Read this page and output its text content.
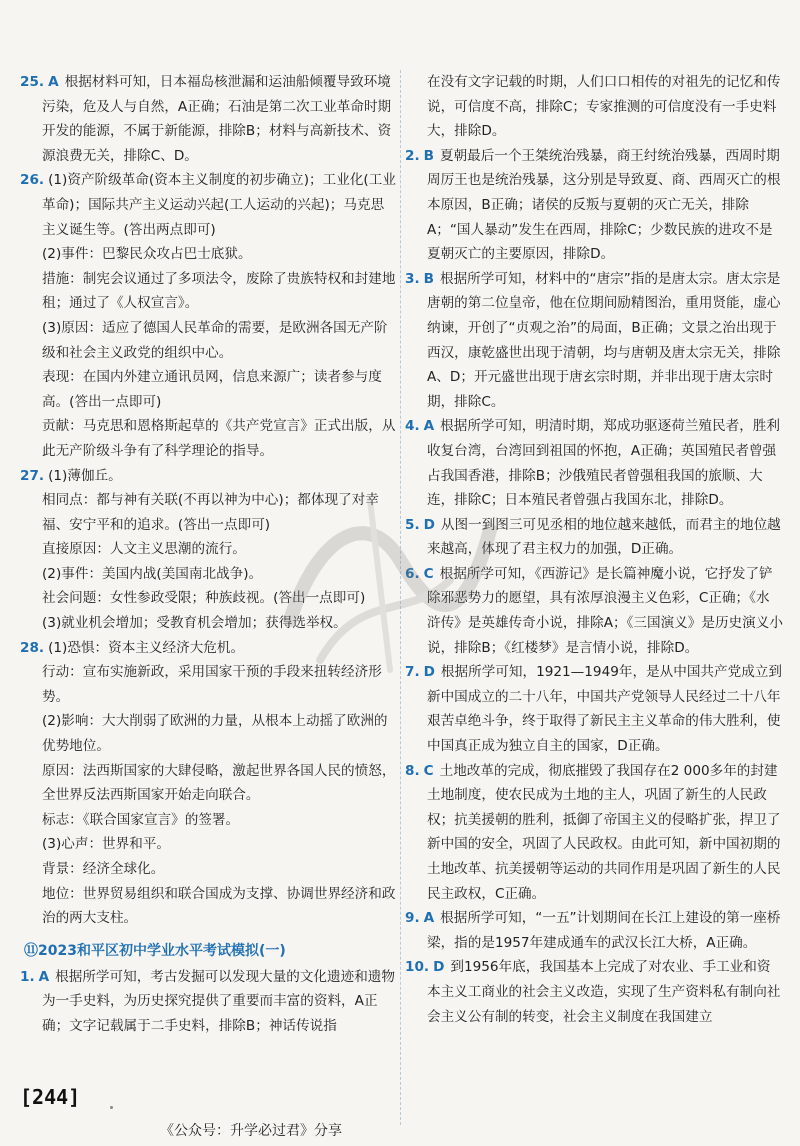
25. A 根据材料可知，日本福岛核泄漏和运油船倾覆导致环境污染，危及人与自然，A正确；石油是第二次工业革命时期开发的能源，不属于新能源，排除B；材料与高新技术、资源浪费无关，排除C、D。

26. (1)资产阶级革命(资本主义制度的初步确立)；工业化(工业革命)；国际共产主义运动兴起(工人运动的兴起)；马克思主义诞生等。(答出两点即可)

(2)事件：巴黎民众攻占巴士底狱。

措施：制宪会议通过了多项法令，废除了贵族特权和封建地租；通过了《人权宣言》。

(3)原因：适应了德国人民革命的需要，是欧洲各国无产阶级和社会主义政党的组织中心。

表现：在国内外建立通讯员网，信息来源广；读者参与度高。(答出一点即可)

贡献：马克思和恩格斯起草的《共产党宣言》正式出版，从此无产阶级斗争有了科学理论的指导。

27. (1)薄伽丘。

相同点：都与神有关联(不再以神为中心)；都体现了对幸福、安宁平和的追求。(答出一点即可)

直接原因：人文主义思潮的流行。

(2)事件：美国内战(美国南北战争)。

社会问题：女性参政受限；种族歧视。(答出一点即可)

(3)就业机会增加；受教育机会增加；获得选举权。

28. (1)恐惧：资本主义经济大危机。

行动：宣布实施新政，采用国家干预的手段来扭转经济形势。

(2)影响：大大削弱了欧洲的力量，从根本上动摇了欧洲的优势地位。

原因：法西斯国家的大肆侵略，激起世界各国人民的愤怒，全世界反法西斯国家开始走向联合。

标志：《联合国家宣言》的签署。

(3)心声：世界和平。

背景：经济全球化。

地位：世界贸易组织和联合国成为支撑、协调世界经济和政治的两大支柱。

⑪2023和平区初中学业水平考试模拟(一)

1. A 根据所学可知，考古发掘可以发现大量的文化遗迹和遗物为一手史料，为历史探究提供了重要而丰富的资料，A正确；文字记载属于二手史料，排除B；神话传说指

在没有文字记载的时期，人们口口相传的对祖先的记忆和传说，可信度不高，排除C；专家推测的可信度没有一手史料大，排除D。

2. B 夏朝最后一个王桀统治残暴，商王纣统治残暴，西周时期周厉王也是统治残暴，这分别是导致夏、商、西周灭亡的根本原因，B正确；诸侯的反叛与夏朝的灭亡无关，排除A；“国人暴动”发生在西周，排除C；少数民族的进攻不是夏朝灭亡的主要原因，排除D。

3. B 根据所学可知，材料中的“唐宗”指的是唐太宗。唐太宗是唐朝的第二位皇帝，他在位期间励精图治，重用贤能，虚心纳谏，开创了“贞观之治”的局面，B正确；文景之治出现于西汉，康乾盛世出现于清朝，均与唐朝及唐太宗无关，排除A、D；开元盛世出现于唐玄宗时期，并非出现于唐太宗时期，排除C。

4. A 根据所学可知，明清时期，郑成功驱逐荷兰殖民者，胜利收复台湾，台湾回到祖国的怀抱，A正确；英国殖民者曾强占我国香港，排除B；沙俄殖民者曾强租我国的旅顺、大连，排除C；日本殖民者曾强占我国东北，排除D。

5. D 从图一到图三可见丞相的地位越来越低，而君主的地位越来越高，体现了君主权力的加强，D正确。

6. C 根据所学可知，《西游记》是长篇神魔小说，它抒发了铲除邪恶势力的愿望，具有浓厚浪漫主义色彩，C正确；《水浒传》是英雄传奇小说，排除A；《三国演义》是历史演义小说，排除B；《红楼梦》是言情小说，排除D。

7. D 根据所学可知，1921—1949年，是从中国共产党成立到新中国成立的二十八年，中国共产党领导人民经过二十八年艰苦卓绝斗争，终于取得了新民主主义革命的伟大胜利，使中国真正成为独立自主的国家，D正确。

8. C 土地改革的完成，彻底摧毁了我国存在2 000多年的封建土地制度，使农民成为土地的主人，巩固了新生的人民政权；抗美援朝的胜利，抵御了帝国主义的侵略扩张，捍卫了新中国的安全，巩固了人民政权。由此可知，新中国初期的土地改革、抗美援朝等运动的共同作用是巩固了新生的人民民主政权，C正确。

9. A 根据所学可知，“一五”计划期间在长江上建设的第一座桥梁，指的是1957年建成通车的武汉长江大桥，A正确。

10. D 到1956年底，我国基本上完成了对农业、手工业和资本主义工商业的社会主义改造，实现了生产资料私有制向社会主义公有制的转变，社会主义制度在我国建立

[244]
《公众号：升学必过君》分享
